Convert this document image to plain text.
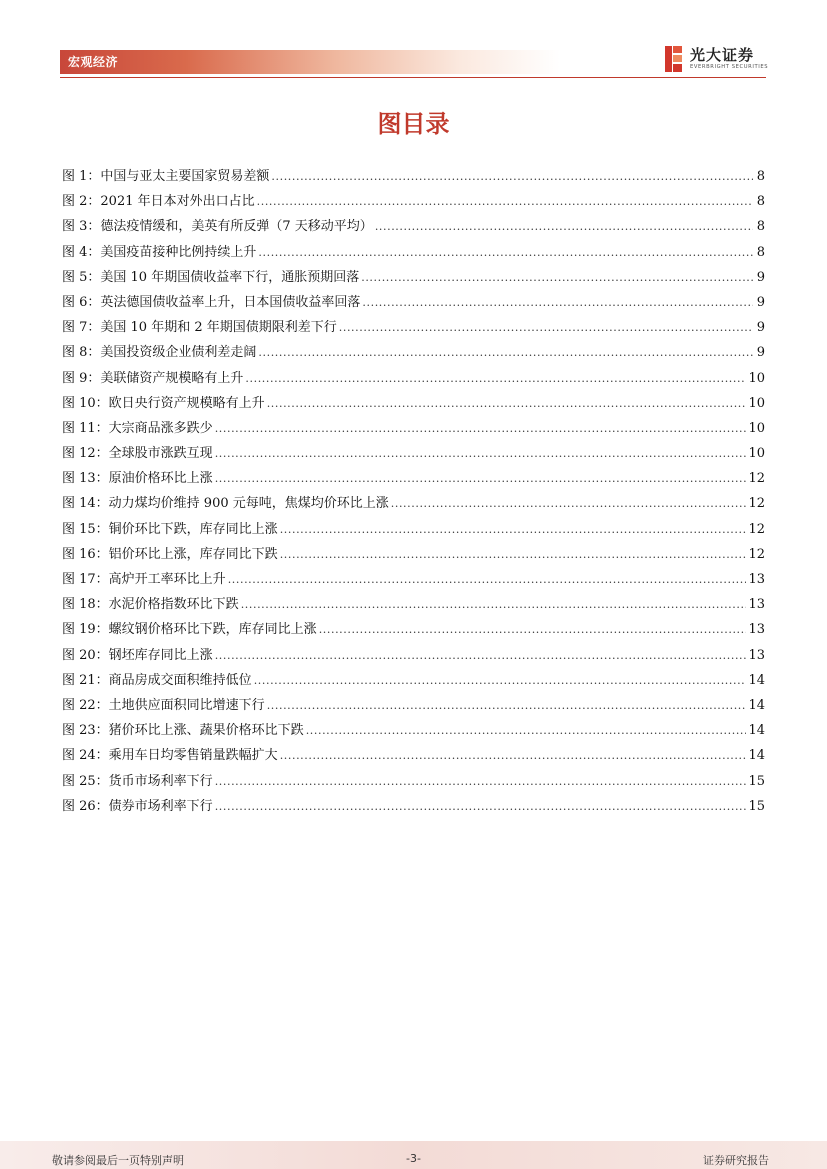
宏观经济	光大证券
EVERBRIGHT SECURITIES
图目录
图 1：中国与亚太主要国家贸易差额 .....	8
图 2：2021 年日本对外出口占比 .....	8
图 3：德法疫情缓和，美英有所反弹（7 天移动平均） .....	8
图 4：美国疫苗接种比例持续上升 .....	8
图 5：美国 10 年期国债收益率下行，通胀预期回落 .....	9
图 6：英法德国债收益率上升，日本国债收益率回落 .....	9
图 7：美国 10 年期和 2 年期国债期限利差下行 .....	9
图 8：美国投资级企业债利差走阔 .....	9
图 9：美联储资产规模略有上升 .....	10
图 10：欧日央行资产规模略有上升 .....	10
图 11：大宗商品涨多跌少 .....	10
图 12：全球股市涨跌互现 .....	10
图 13：原油价格环比上涨 .....	12
图 14：动力煤均价维持 900 元每吨，焦煤均价环比上涨 .....	12
图 15：铜价环比下跌，库存同比上涨 .....	12
图 16：铝价环比上涨，库存同比下跌 .....	12
图 17：高炉开工率环比上升 .....	13
图 18：水泥价格指数环比下跌 .....	13
图 19：螺纹钢价格环比下跌，库存同比上涨 .....	13
图 20：钢坯库存同比上涨 .....	13
图 21：商品房成交面积维持低位 .....	14
图 22：土地供应面积同比增速下行 .....	14
图 23：猪价环比上涨、蔬果价格环比下跌 .....	14
图 24：乘用车日均零售销量跌幅扩大 .....	14
图 25：货币市场利率下行 .....	15
图 26：债券市场利率下行 .....	15
敬请参阅最后一页特别声明	-3-	证券研究报告
